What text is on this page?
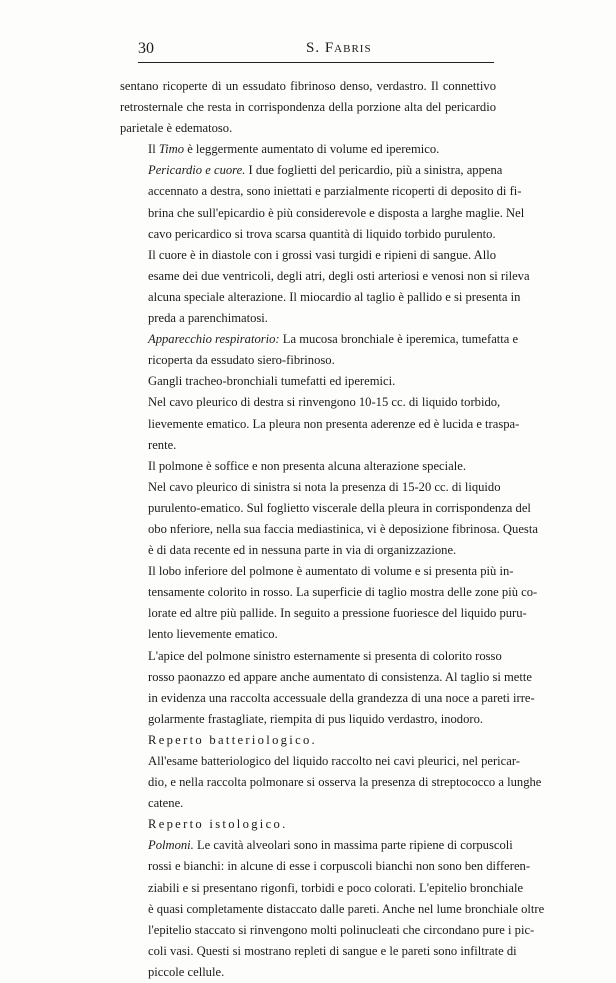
30	S. Fabris

sentano ricoperte di un essudato fibrinoso denso, verdastro. Il connettivo
retrosternale che resta in corrispondenza della porzione alta del pericardio
parietale è edematoso.

Il Timo è leggermente aumentato di volume ed iperemico.

Pericardio e cuore. I due foglietti del pericardio, più a sinistra, appena
accennato a destra, sono iniettati e parzialmente ricoperti di deposito di fi-
brina che sull'epicardio è più considerevole e disposta a larghe maglie. Nel
cavo pericardico si trova scarsa quantità di liquido torbido purulento.

Il cuore è in diastole con i grossi vasi turgidi e ripieni di sangue. Allo
esame dei due ventricoli, degli atri, degli osti arteriosi e venosi non si rileva
alcuna speciale alterazione. Il miocardio al taglio è pallido e si presenta in
preda a parenchimatosi.

Apparecchio respiratorio: La mucosa bronchiale è iperemica, tumefatta e
ricoperta da essudato siero-fibrinoso.

Gangli tracheo-bronchiali tumefatti ed iperemici.

Nel cavo pleurico di destra si rinvengono 10-15 cc. di liquido torbido,
lievemente ematico. La pleura non presenta aderenze ed è lucida e traspa-
rente.

Il polmone è soffice e non presenta alcuna alterazione speciale.

Nel cavo pleurico di sinistra si nota la presenza di 15-20 cc. di liquido
purulento-ematico. Sul foglietto viscerale della pleura in corrispondenza del
obo nferiore, nella sua faccia mediastinica, vi è deposizione fibrinosa. Questa
è di data recente ed in nessuna parte in via di organizzazione.

Il lobo inferiore del polmone è aumentato di volume e si presenta più in-
tensamente colorito in rosso. La superficie di taglio mostra delle zone più co-
lorate ed altre più pallide. In seguito a pressione fuoriesce del liquido puru-
lento lievemente ematico.

L'apice del polmone sinistro esternamente si presenta di colorito rosso
rosso paonazzo ed appare anche aumentato di consistenza. Al taglio si mette
in evidenza una raccolta accessuale della grandezza di una noce a pareti irre-
golarmente frastagliate, riempita di pus liquido verdastro, inodoro.

Reperto batteriologico.

All'esame batteriologico del liquido raccolto nei cavi pleurici, nel pericar-
dio, e nella raccolta polmonare si osserva la presenza di streptococco a lunghe
catene.

Reperto istologico.

Polmoni. Le cavità alveolari sono in massima parte ripiene di corpuscoli
rossi e bianchi: in alcune di esse i corpuscoli bianchi non sono ben differen-
ziabili e si presentano rigonfi, torbidi e poco colorati. L'epitelio bronchiale
è quasi completamente distaccato dalle pareti. Anche nel lume bronchiale oltre
l'epitelio staccato si rinvengono molti polinucleati che circondano pure i pic-
coli vasi. Questi si mostrano repleti di sangue e le pareti sono infiltrate di
piccole cellule.
